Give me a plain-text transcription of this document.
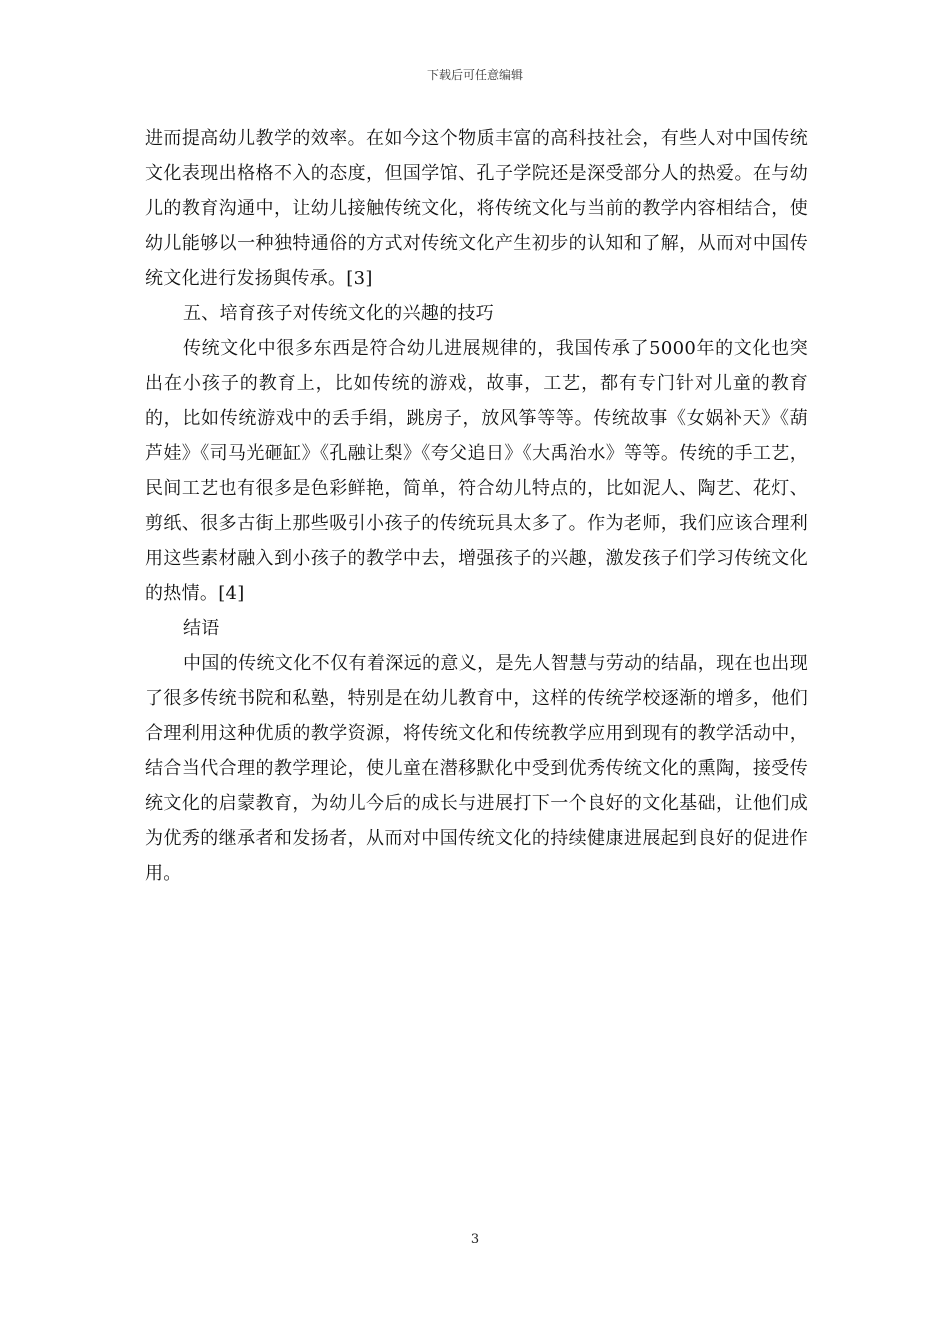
下载后可任意编辑

进而提高幼儿教学的效率。在如今这个物质丰富的高科技社会，有些人对中国传统文化表现出格格不入的态度，但国学馆、孔子学院还是深受部分人的热爱。在与幼儿的教育沟通中，让幼儿接触传统文化，将传统文化与当前的教学内容相结合，使幼儿能够以一种独特通俗的方式对传统文化产生初步的认知和了解，从而对中国传统文化进行发扬與传承。[3]

五、培育孩子对传统文化的兴趣的技巧

传统文化中很多东西是符合幼儿进展规律的，我国传承了5000年的文化也突出在小孩子的教育上，比如传统的游戏，故事，工艺，都有专门针对儿童的教育的，比如传统游戏中的丢手绢，跳房子，放风筝等等。传统故事《女娲补天》《葫芦娃》《司马光砸缸》《孔融让梨》《夸父追日》《大禹治水》等等。传统的手工艺，民间工艺也有很多是色彩鲜艳，简单，符合幼儿特点的，比如泥人、陶艺、花灯、剪纸、很多古街上那些吸引小孩子的传统玩具太多了。作为老师，我们应该合理利用这些素材融入到小孩子的教学中去，增强孩子的兴趣，激发孩子们学习传统文化的热情。[4]

结语

中国的传统文化不仅有着深远的意义，是先人智慧与劳动的结晶，现在也出现了很多传统书院和私塾，特别是在幼儿教育中，这样的传统学校逐渐的增多，他们合理利用这种优质的教学资源，将传统文化和传统教学应用到现有的教学活动中，结合当代合理的教学理论，使儿童在潜移默化中受到优秀传统文化的熏陶，接受传统文化的启蒙教育，为幼儿今后的成长与进展打下一个良好的文化基础，让他们成为优秀的继承者和发扬者，从而对中国传统文化的持续健康进展起到良好的促进作用。

3
